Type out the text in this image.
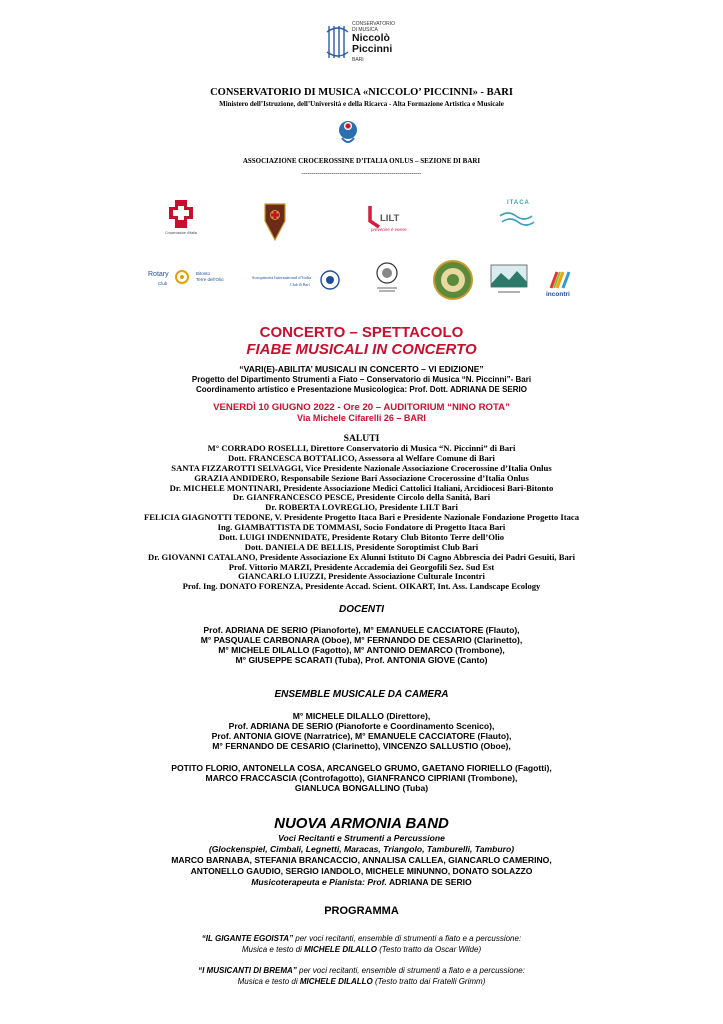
CONSERVATORIO
DI MUSICA
Niccolò
Piccinni
BARI
CONSERVATORIO DI MUSICA «NICCOLO’ PICCINNI» - BARI
Ministero dell’Istruzione, dell’Università e della Ricarca - Alta Formazione Artistica e Musicale
ASSOCIAZIONE CROCEROSSINE D’ITALIA ONLUS – SEZIONE DI BARI
------------------------------------------------------------
Crocerossine d’Italia
LILT
prevenire è vivere
ITACA
Rotary
Club
Bitonto
Terre dell’Olio	Soroptimist International d’Italia
Club di Bari
incontri
CONCERTO – SPETTACOLO
FIABE MUSICALI IN CONCERTO
“VARI(E)-ABILITA’ MUSICALI IN CONCERTO – VI EDIZIONE”
Progetto del Dipartimento Strumenti a Fiato – Conservatorio di Musica “N. Piccinni”- Bari
Coordinamento artistico e Presentazione Musicologica: Prof. Dott. ADRIANA DE SERIO
VENERDÌ 10 GIUGNO 2022 - Ore 20 – AUDITORIUM “NINO ROTA”
Via Michele Cifarelli 26 – BARI
SALUTI
M° CORRADO ROSELLI, Direttore Conservatorio di Musica “N. Piccinni” di Bari
Dott. FRANCESCA BOTTALICO, Assessora al Welfare Comune di Bari
SANTA FIZZAROTTI SELVAGGI, Vice Presidente Nazionale Associazione Crocerossine d’Italia Onlus
GRAZIA ANDIDERO, Responsabile Sezione Bari Associazione Crocerossine d’Italia Onlus
Dr. MICHELE MONTINARI, Presidente Associazione Medici Cattolici Italiani, Arcidiocesi Bari-Bitonto
Dr. GIANFRANCESCO PESCE, Presidente Circolo della Sanità, Bari
Dr. ROBERTA LOVREGLIO, Presidente LILT Bari
FELICIA GIAGNOTTI TEDONE, V. Presidente Progetto Itaca Bari e Presidente Nazionale Fondazione Progetto Itaca
Ing. GIAMBATTISTA DE TOMMASI, Socio Fondatore di Progetto Itaca Bari
Dott. LUIGI INDENNIDATE, Presidente Rotary Club Bitonto Terre dell’Olio
Dott. DANIELA DE BELLIS, Presidente Soroptimist Club Bari
Dr. GIOVANNI CATALANO, Presidente Associazione Ex Alunni Istituto Di Cagno Abbrescia dei Padri Gesuiti, Bari
Prof. Vittorio MARZI, Presidente Accademia dei Georgofili Sez. Sud Est
GIANCARLO LIUZZI, Presidente Associazione Culturale Incontri
Prof. Ing. DONATO FORENZA, Presidente Accad. Scient. OIKART, Int. Ass. Landscape Ecology
DOCENTI
Prof. ADRIANA DE SERIO (Pianoforte), M° EMANUELE CACCIATORE (Flauto),
M° PASQUALE CARBONARA (Oboe), M° FERNANDO DE CESARIO (Clarinetto),
M° MICHELE DILALLO (Fagotto), M° ANTONIO DEMARCO (Trombone),
M° GIUSEPPE SCARATI (Tuba), Prof. ANTONIA GIOVE (Canto)
ENSEMBLE MUSICALE DA CAMERA
M° MICHELE DILALLO (Direttore),
Prof. ADRIANA DE SERIO (Pianoforte e Coordinamento Scenico),
Prof. ANTONIA GIOVE (Narratrice), M° EMANUELE CACCIATORE (Flauto),
M° FERNANDO DE CESARIO (Clarinetto), VINCENZO SALLUSTIO (Oboe),
POTITO FLORIO, ANTONELLA COSA, ARCANGELO GRUMO, GAETANO FIORIELLO (Fagotti),
MARCO FRACCASCIA (Controfagotto), GIANFRANCO CIPRIANI (Trombone),
GIANLUCA BONGALLINO (Tuba)
NUOVA ARMONIA BAND
Voci Recitanti e Strumenti a Percussione
(Glockenspiel, Cimbali, Legnetti, Maracas, Triangolo, Tamburelli, Tamburo)
MARCO BARNABA, STEFANIA BRANCACCIO, ANNALISA CALLEA, GIANCARLO CAMERINO,
ANTONELLO GAUDIO, SERGIO IANDOLO, MICHELE MINUNNO, DONATO SOLAZZO
Musicoterapeuta e Pianista: Prof. ADRIANA DE SERIO
PROGRAMMA
“IL GIGANTE EGOISTA” per voci recitanti, ensemble di strumenti a fiato e a percussione:
Musica e testo di MICHELE DILALLO (Testo tratto da Oscar Wilde)
“I MUSICANTI DI BREMA” per voci recitanti, ensemble di strumenti a fiato e a percussione:
Musica e testo di MICHELE DILALLO (Testo tratto dai Fratelli Grimm)
